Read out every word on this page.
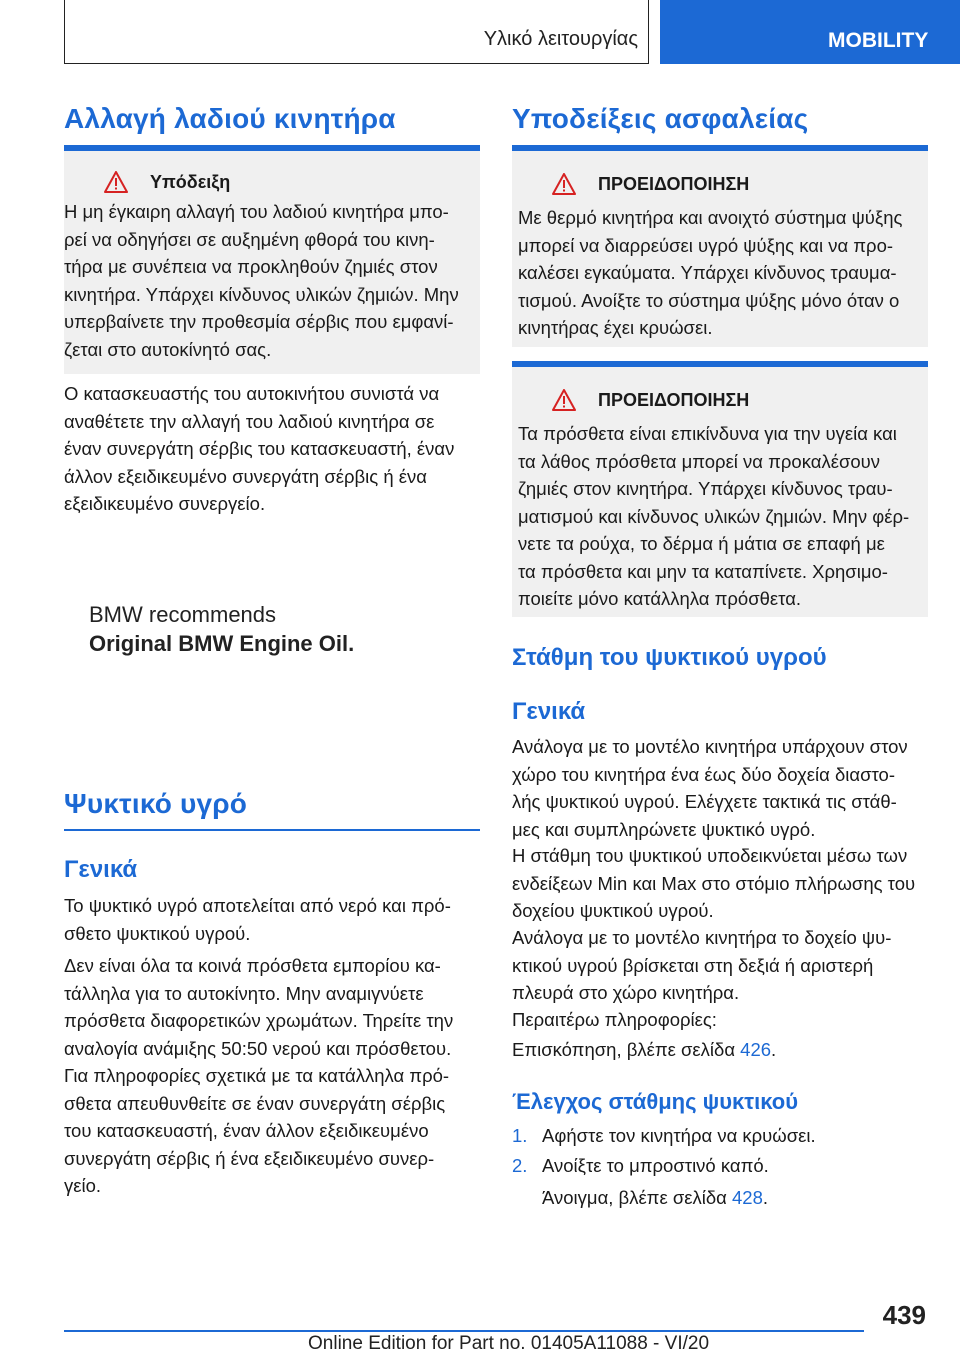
Υλικό λειτουργίας	MOBILITY
Αλλαγή λαδιού κινητήρα
Υπόδειξη
Η μη έγκαιρη αλλαγή του λαδιού κινητήρα μπο-
ρεί να οδηγήσει σε αυξημένη φθορά του κινη-
τήρα με συνέπεια να προκληθούν ζημιές στον
κινητήρα. Υπάρχει κίνδυνος υλικών ζημιών. Μην
υπερβαίνετε την προθεσμία σέρβις που εμφανί-
ζεται στο αυτοκίνητό σας.
Ο κατασκευαστής του αυτοκινήτου συνιστά να
αναθέτετε την αλλαγή του λαδιού κινητήρα σε
έναν συνεργάτη σέρβις του κατασκευαστή, έναν
άλλον εξειδικευμένο συνεργάτη σέρβις ή ένα
εξειδικευμένο συνεργείο.
BMW recommends
Original BMW Engine Oil.
Ψυκτικό υγρό
Γενικά
Το ψυκτικό υγρό αποτελείται από νερό και πρό-
σθετο ψυκτικού υγρού.
Δεν είναι όλα τα κοινά πρόσθετα εμπορίου κα-
τάλληλα για το αυτοκίνητο. Μην αναμιγνύετε
πρόσθετα διαφορετικών χρωμάτων. Τηρείτε την
αναλογία ανάμιξης 50:50 νερού και πρόσθετου.
Για πληροφορίες σχετικά με τα κατάλληλα πρό-
σθετα απευθυνθείτε σε έναν συνεργάτη σέρβις
του κατασκευαστή, έναν άλλον εξειδικευμένο
συνεργάτη σέρβις ή ένα εξειδικευμένο συνερ-
γείο.
Υποδείξεις ασφαλείας
ΠΡΟΕΙΔΟΠΟΙΗΣΗ
Με θερμό κινητήρα και ανοιχτό σύστημα ψύξης
μπορεί να διαρρεύσει υγρό ψύξης και να προ-
καλέσει εγκαύματα. Υπάρχει κίνδυνος τραυμα-
τισμού. Ανοίξτε το σύστημα ψύξης μόνο όταν ο
κινητήρας έχει κρυώσει.
ΠΡΟΕΙΔΟΠΟΙΗΣΗ
Τα πρόσθετα είναι επικίνδυνα για την υγεία και
τα λάθος πρόσθετα μπορεί να προκαλέσουν
ζημιές στον κινητήρα. Υπάρχει κίνδυνος τραυ-
ματισμού και κίνδυνος υλικών ζημιών. Μην φέρ-
νετε τα ρούχα, το δέρμα ή μάτια σε επαφή με
τα πρόσθετα και μην τα καταπίνετε. Χρησιμο-
ποιείτε μόνο κατάλληλα πρόσθετα.
Στάθμη του ψυκτικού υγρού
Γενικά
Ανάλογα με το μοντέλο κινητήρα υπάρχουν στον
χώρο του κινητήρα ένα έως δύο δοχεία διαστο-
λής ψυκτικού υγρού. Ελέγχετε τακτικά τις στάθ-
μες και συμπληρώνετε ψυκτικό υγρό.
Η στάθμη του ψυκτικού υποδεικνύεται μέσω των
ενδείξεων Min και Max στο στόμιο πλήρωσης του
δοχείου ψυκτικού υγρού.
Ανάλογα με το μοντέλο κινητήρα το δοχείο ψυ-
κτικού υγρού βρίσκεται στη δεξιά ή αριστερή
πλευρά στο χώρο κινητήρα.
Περαιτέρω πληροφορίες:
Επισκόπηση, βλέπε σελίδα 426.
Έλεγχος στάθμης ψυκτικού
1. Αφήστε τον κινητήρα να κρυώσει.
2. Ανοίξτε το μπροστινό καπό.
Άνοιγμα, βλέπε σελίδα 428.
439
Online Edition for Part no. 01405A11088 - VI/20
